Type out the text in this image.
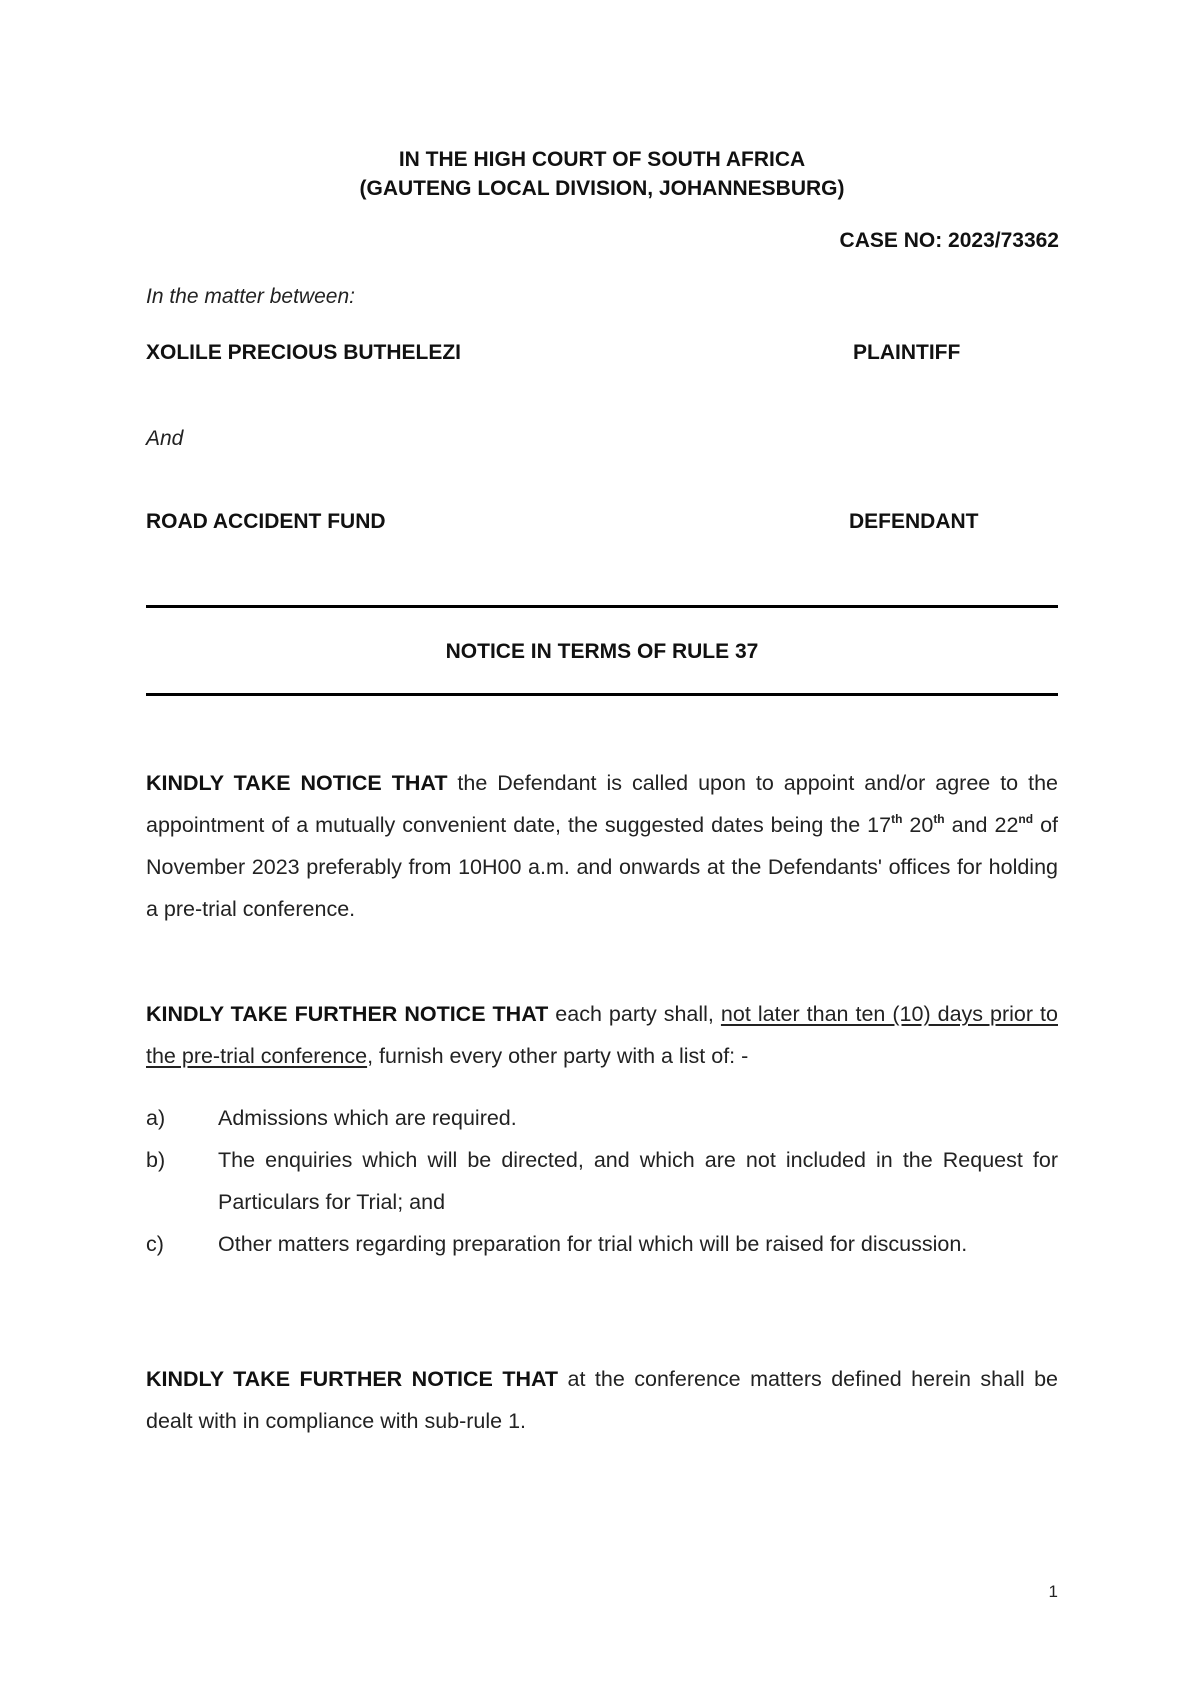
IN THE HIGH COURT OF SOUTH AFRICA
(GAUTENG LOCAL DIVISION, JOHANNESBURG)
CASE NO: 2023/73362
In the matter between:
XOLILE PRECIOUS BUTHELEZI	PLAINTIFF
And
ROAD ACCIDENT FUND	DEFENDANT
NOTICE IN TERMS OF RULE 37
KINDLY TAKE NOTICE THAT the Defendant is called upon to appoint and/or agree to the appointment of a mutually convenient date, the suggested dates being the 17th 20th and 22nd of November 2023 preferably from 10H00 a.m. and onwards at the Defendants' offices for holding a pre-trial conference.
KINDLY TAKE FURTHER NOTICE THAT each party shall, not later than ten (10) days prior to the pre-trial conference, furnish every other party with a list of: -
a) Admissions which are required.
b) The enquiries which will be directed, and which are not included in the Request for Particulars for Trial; and
c)	Other matters regarding preparation for trial which will be raised for discussion.
KINDLY TAKE FURTHER NOTICE THAT at the conference matters defined herein shall be dealt with in compliance with sub-rule 1.
1
